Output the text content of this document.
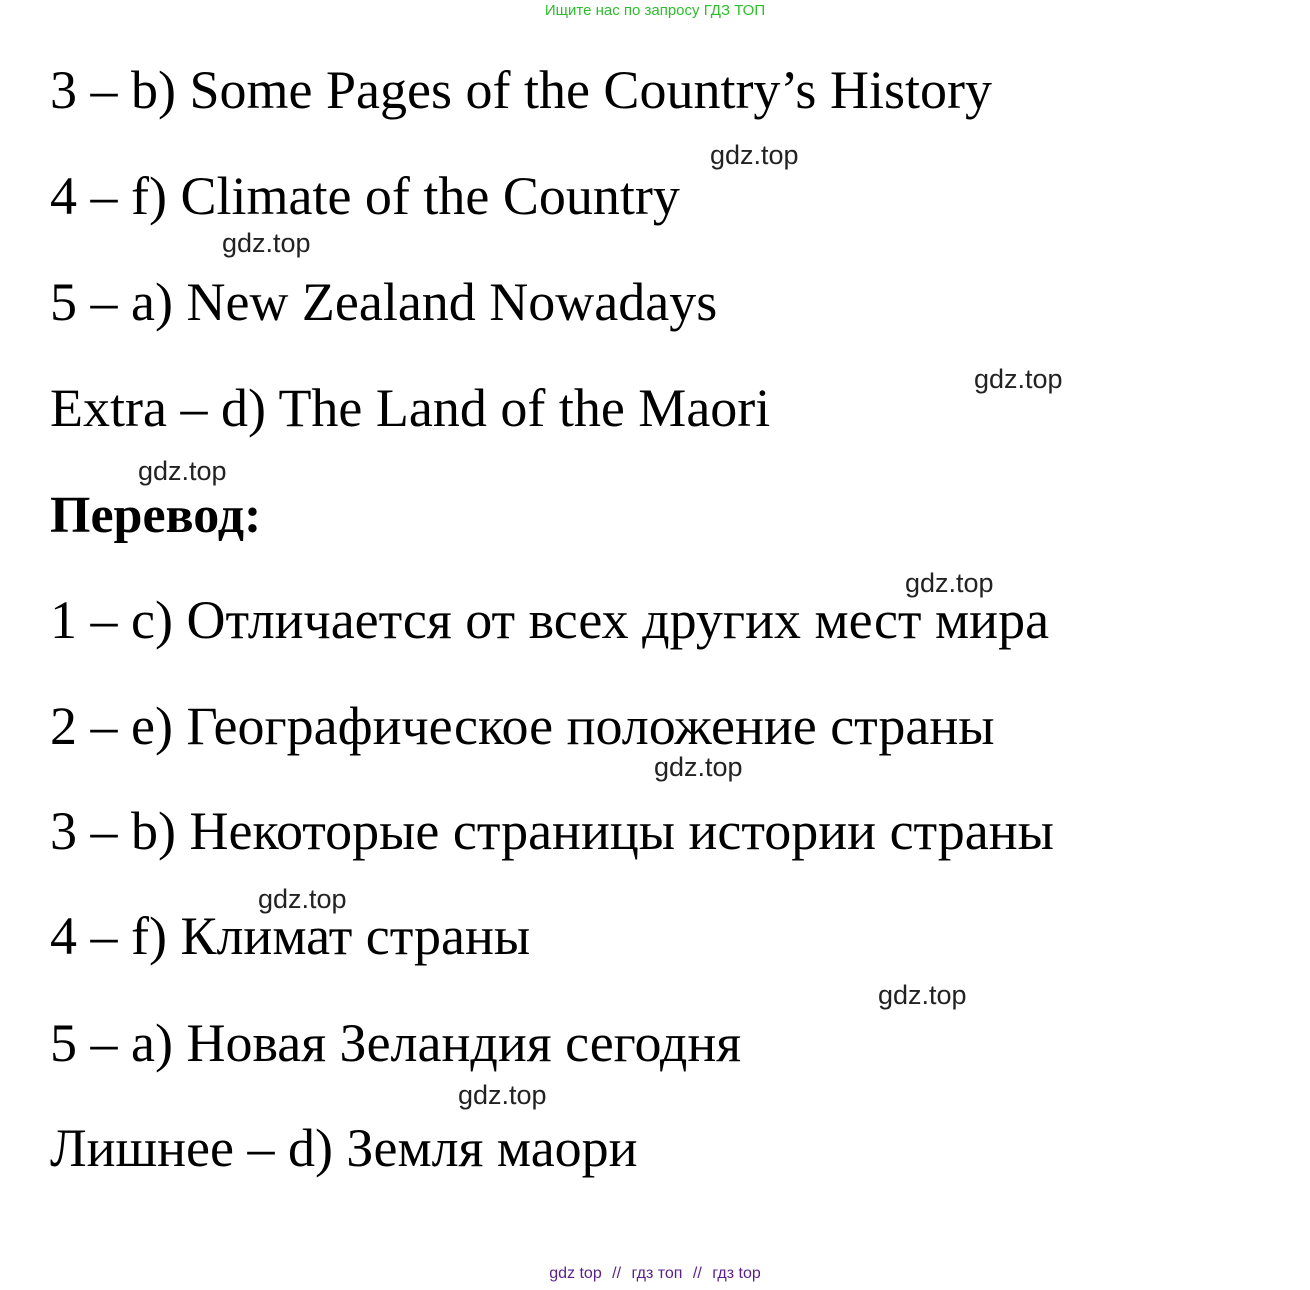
Ищите нас по запросу ГДЗ ТОП
3 – b) Some Pages of the Country’s History
4 – f) Climate of the Country
5 – a) New Zealand Nowadays
Extra – d) The Land of the Maori
Перевод:
1 – c) Отличается от всех других мест мира
2 – e) Географическое положение страны
3 – b) Некоторые страницы истории страны
4 – f) Климат страны
5 – a) Новая Зеландия сегодня
Лишнее – d) Земля маори
gdz.top
gdz.top
gdz.top
gdz.top
gdz.top
gdz.top
gdz.top
gdz.top
gdz.top
gdz top // гдз топ // гдз top
